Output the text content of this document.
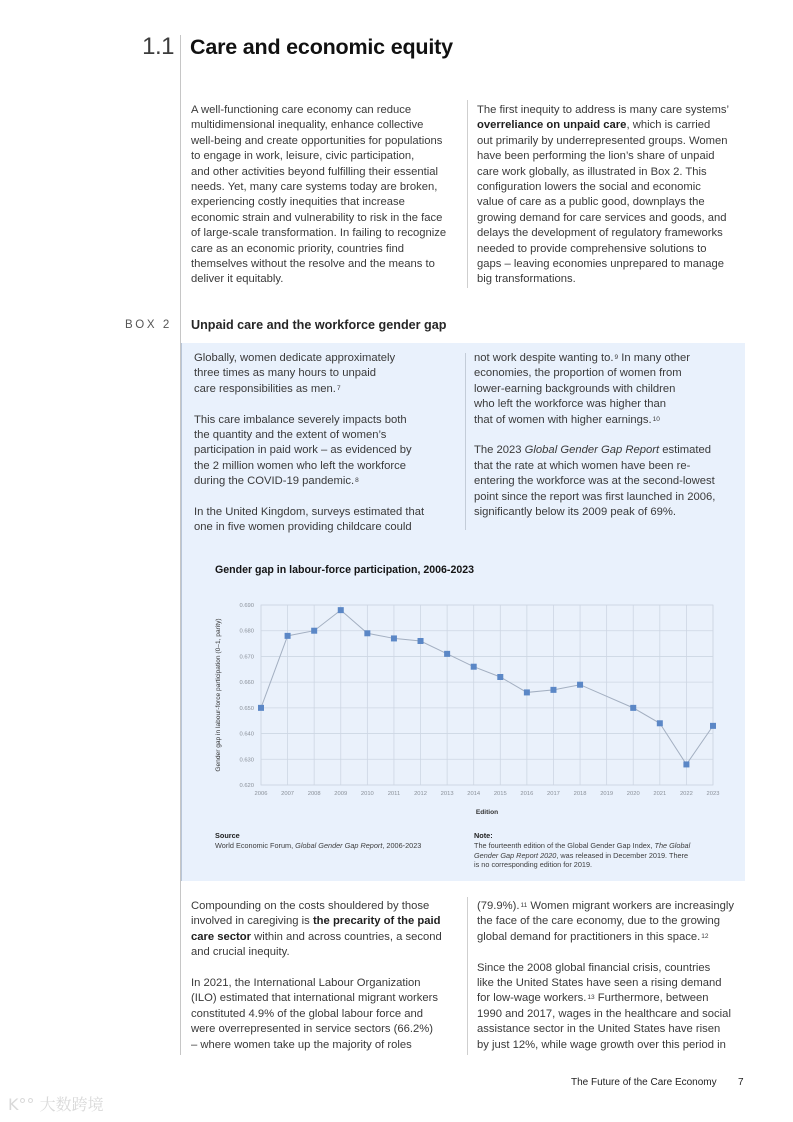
1.1 Care and economic equity
A well-functioning care economy can reduce
multidimensional inequality, enhance collective
well-being and create opportunities for populations
to engage in work, leisure, civic participation,
and other activities beyond fulfilling their essential
needs. Yet, many care systems today are broken,
experiencing costly inequities that increase
economic strain and vulnerability to risk in the face
of large-scale transformation. In failing to recognize
care as an economic priority, countries find
themselves without the resolve and the means to
deliver it equitably.
The first inequity to address is many care systems’
overreliance on unpaid care, which is carried
out primarily by underrepresented groups. Women
have been performing the lion’s share of unpaid
care work globally, as illustrated in Box 2. This
configuration lowers the social and economic
value of care as a public good, downplays the
growing demand for care services and goods, and
delays the development of regulatory frameworks
needed to provide comprehensive solutions to
gaps – leaving economies unprepared to manage
big transformations.
BOX 2 Unpaid care and the workforce gender gap
Globally, women dedicate approximately
three times as many hours to unpaid
care responsibilities as men.$^7$

This care imbalance severely impacts both
the quantity and the extent of women’s
participation in paid work – as evidenced by
the 2 million women who left the workforce
during the COVID-19 pandemic.$^8$

In the United Kingdom, surveys estimated that
one in five women providing childcare could
not work despite wanting to.$^9$ In many other
economies, the proportion of women from
lower-earning backgrounds with children
who left the workforce was higher than
that of women with higher earnings.$^{10}$

The 2023 Global Gender Gap Report estimated
that the rate at which women have been re-
entering the workforce was at the second-lowest
point since the report was first launched in 2006,
significantly below its 2009 peak of 69%.
Gender gap in labour-force participation, 2006-2023
0.620
0.630
0.640
0.650
0.660
0.670
0.680
0.690
2006 2007 2008 2009 2010 2011 2012 2013 2014 2015 2016 2017 2018 2019 2020 2021 2022 2023
Gender gap in labour-force participation (0–1, parity)
Edition
Source
World Economic Forum, Global Gender Gap Report, 2006-2023
Note:
The fourteenth edition of the Global Gender Gap Index, The Global
Gender Gap Report 2020, was released in December 2019. There
is no corresponding edition for 2019.
Compounding on the costs shouldered by those
involved in caregiving is the precarity of the paid
care sector within and across countries, a second
and crucial inequity.

In 2021, the International Labour Organization
(ILO) estimated that international migrant workers
constituted 4.9% of the global labour force and
were overrepresented in service sectors (66.2%)
– where women take up the majority of roles
(79.9%).$^{11}$ Women migrant workers are increasingly
the face of the care economy, due to the growing
global demand for practitioners in this space.$^{12}$

Since the 2008 global financial crisis, countries
like the United States have seen a rising demand
for low-wage workers.$^{13}$ Furthermore, between
1990 and 2017, wages in the healthcare and social
assistance sector in the United States have risen
by just 12%, while wage growth over this period in
The Future of the Care Economy 7
K°° 大数跨境
